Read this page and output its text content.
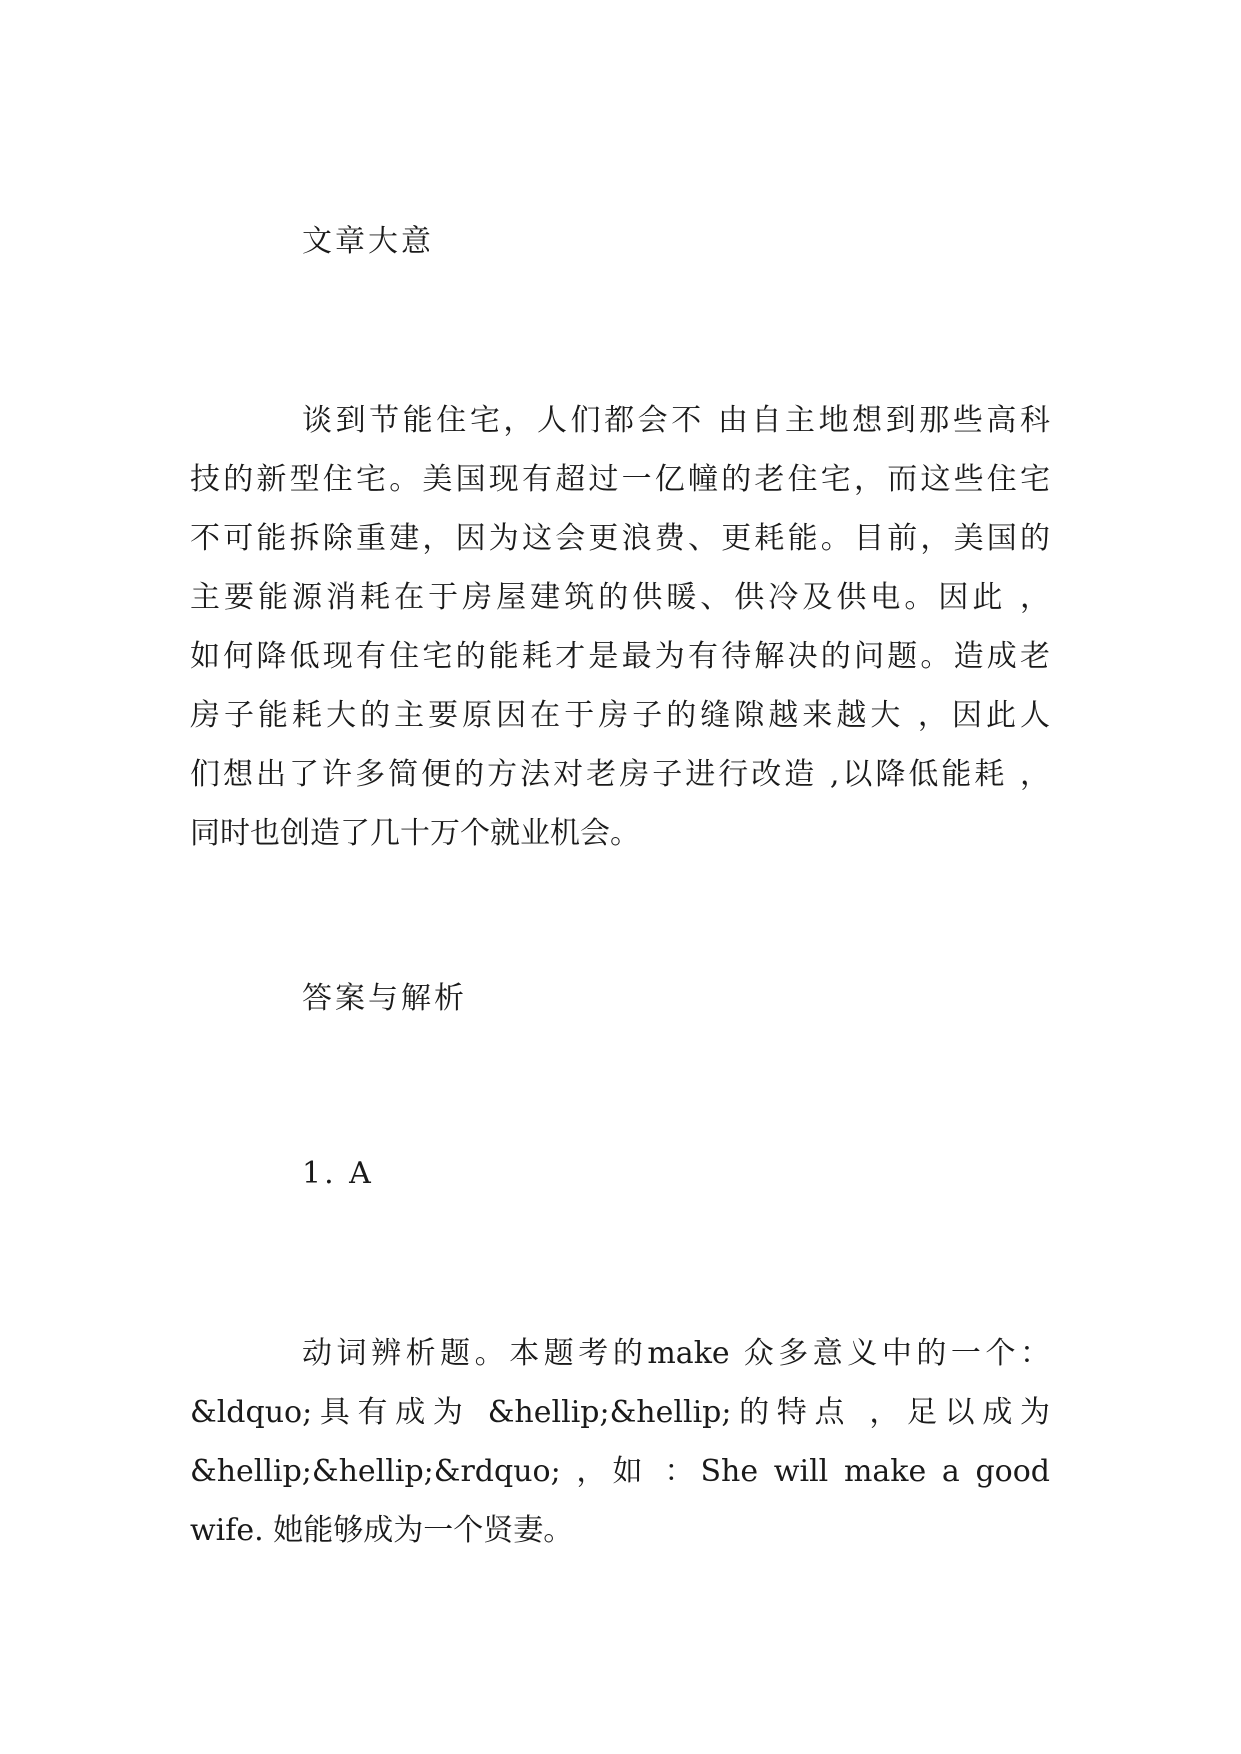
文章大意
谈到节能住宅，人们都会不 由自主地想到那些高科
技的新型住宅。美国现有超过一亿幢的老住宅，而这些住宅
不可能拆除重建，因为这会更浪费、更耗能。目前，美国的
主要能源消耗在于房屋建筑的供暖、供冷及供电。因此 ，
如何降低现有住宅的能耗才是最为有待解决的问题。造成老
房子能耗大的主要原因在于房子的缝隙越来越大 ，因此人
们想出了许多简便的方法对老房子进行改造 ,以降低能耗 ，
同时也创造了几十万个就业机会。
答案与解析
1. A
动词辨析题。本题考的make 众多意义中的一个：
&ldquo;具有成为 &hellip;&hellip;的特点 ，足以成为
&hellip;&hellip;&rdquo; ，如 ：She will make a good
wife. 她能够成为一个贤妻。
